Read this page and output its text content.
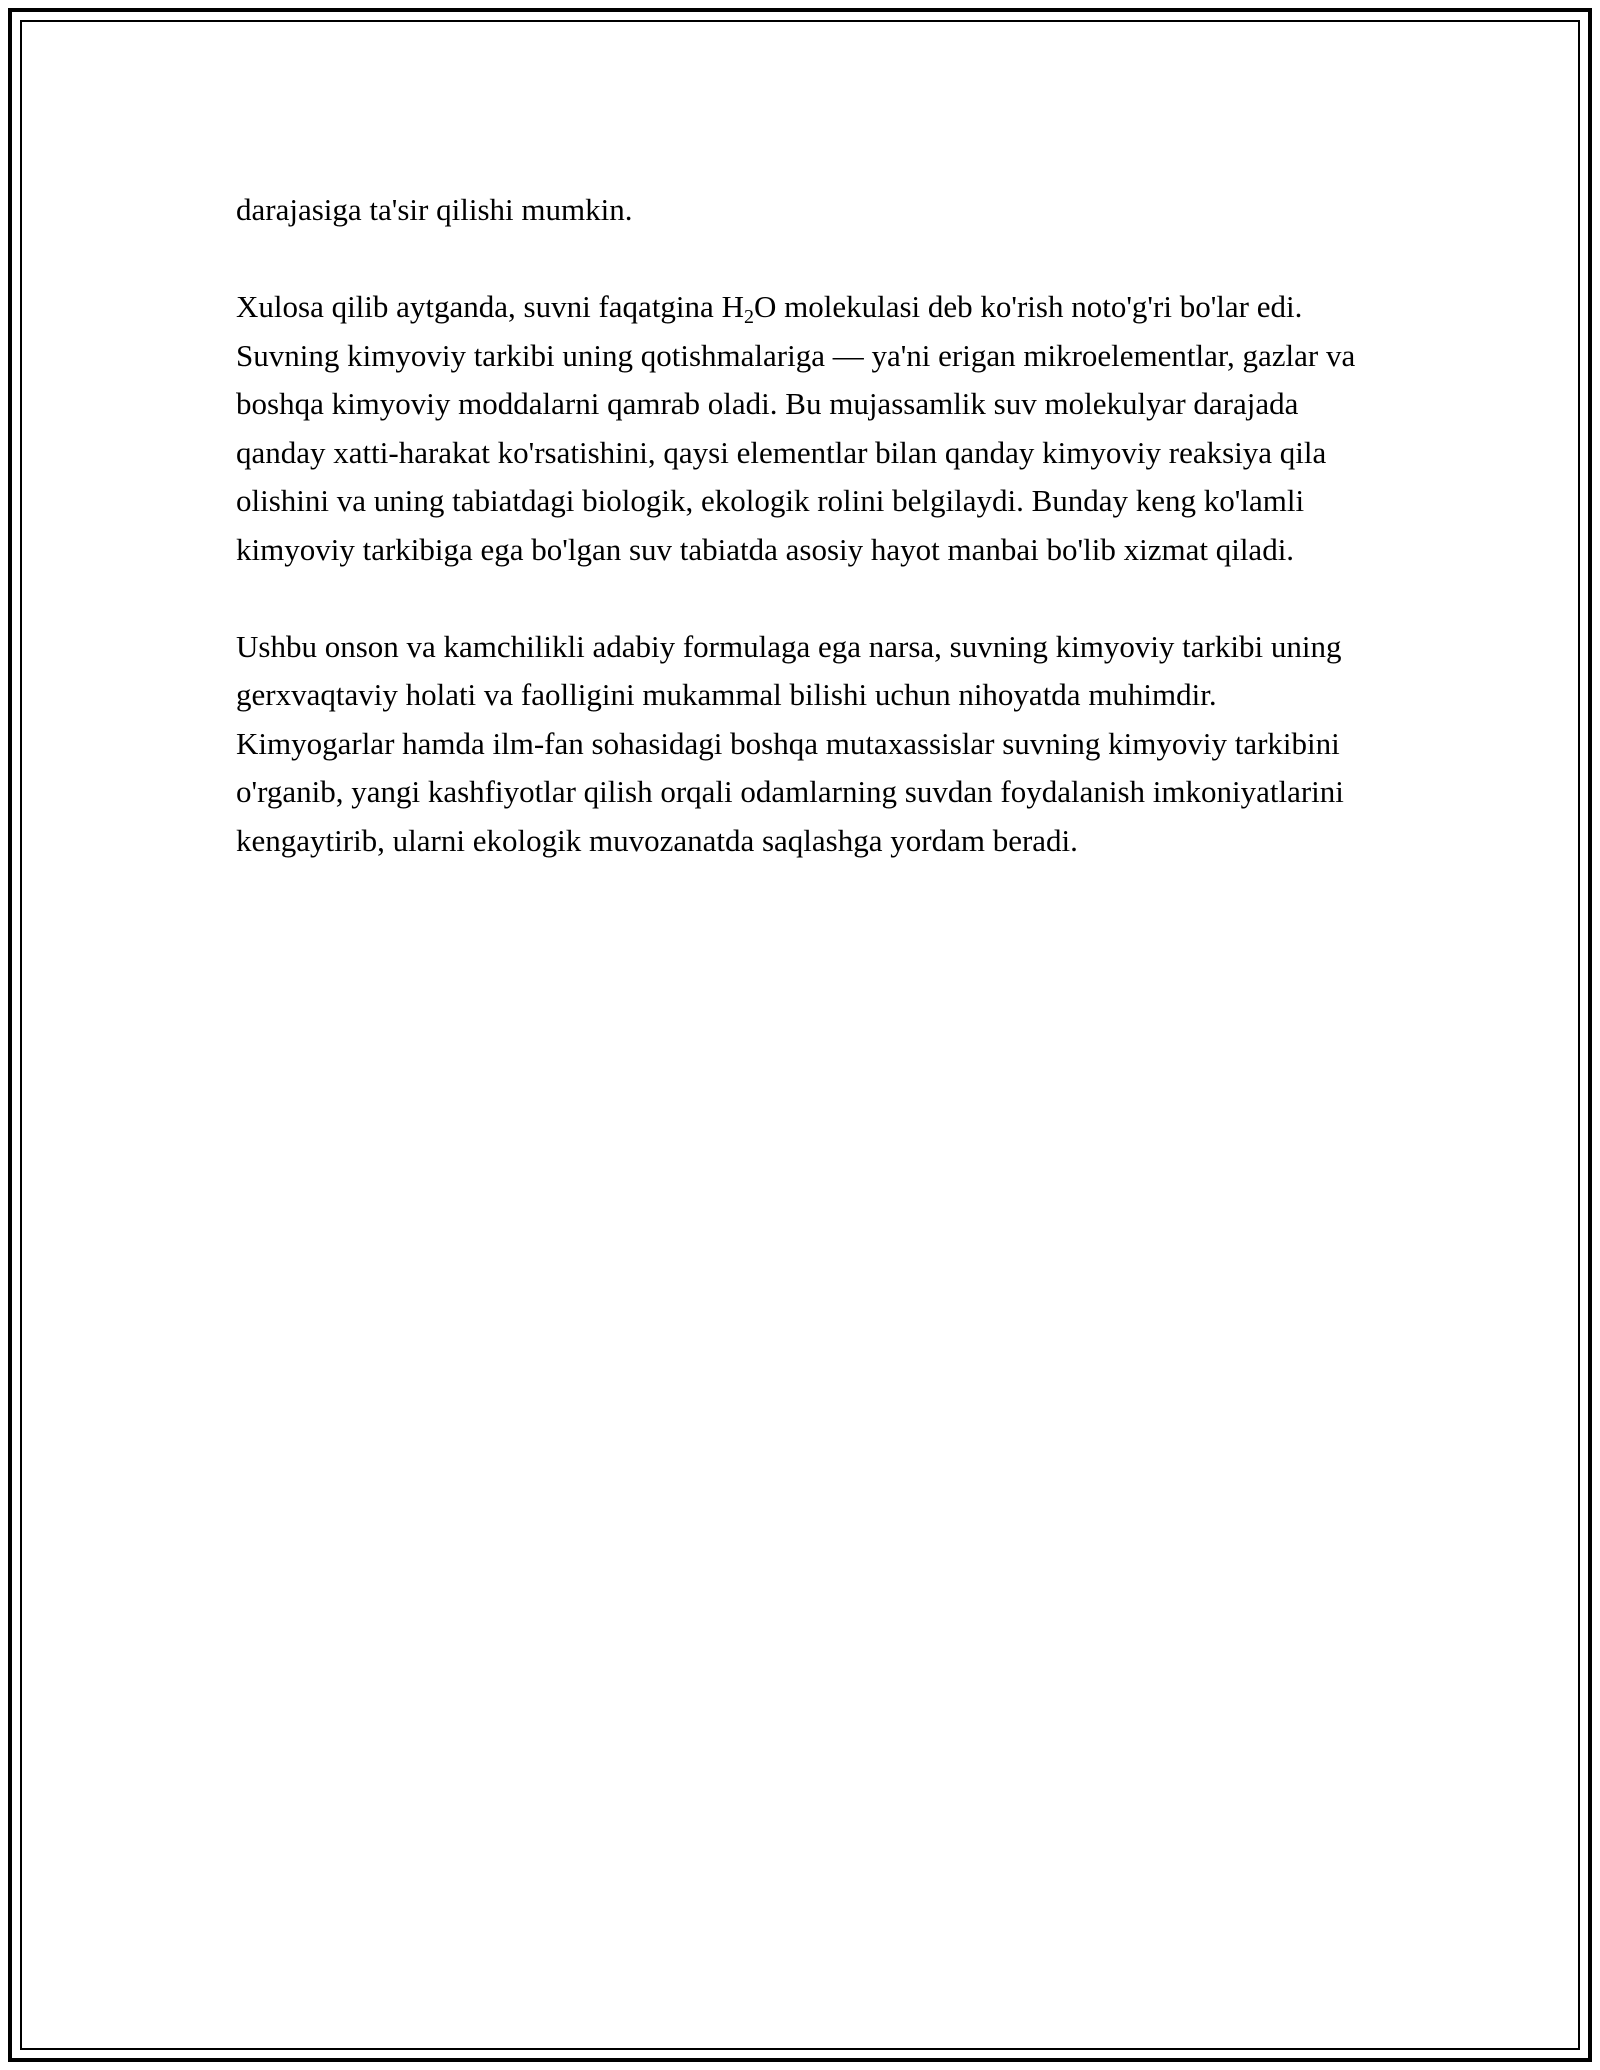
darajasiga ta'sir qilishi mumkin.

Xulosa qilib aytganda, suvni faqatgina $H_2O$ molekulasi deb ko'rish noto'g'ri bo'lar edi. Suvning kimyoviy tarkibi uning qotishmalariga — ya'ni erigan mikroelementlar, gazlar va boshqa kimyoviy moddalarni qamrab oladi. Bu mujassamlik suv molekulyar darajada qanday xatti-harakat ko'rsatishini, qaysi elementlar bilan qanday kimyoviy reaksiya qila olishini va uning tabiatdagi biologik, ekologik rolini belgilaydi. Bunday keng ko'lamli kimyoviy tarkibiga ega bo'lgan suv tabiatda asosiy hayot manbai bo'lib xizmat qiladi.

Ushbu onson va kamchilikli adabiy formulaga ega narsa, suvning kimyoviy tarkibi uning gerxvaqtaviy holati va faolligini mukammal bilishi uchun nihoyatda muhimdir. Kimyogarlar hamda ilm-fan sohasidagi boshqa mutaxassislar suvning kimyoviy tarkibini o'rganib, yangi kashfiyotlar qilish orqali odamlarning suvdan foydalanish imkoniyatlarini kengaytirib, ularni ekologik muvozanatda saqlashga yordam beradi.
